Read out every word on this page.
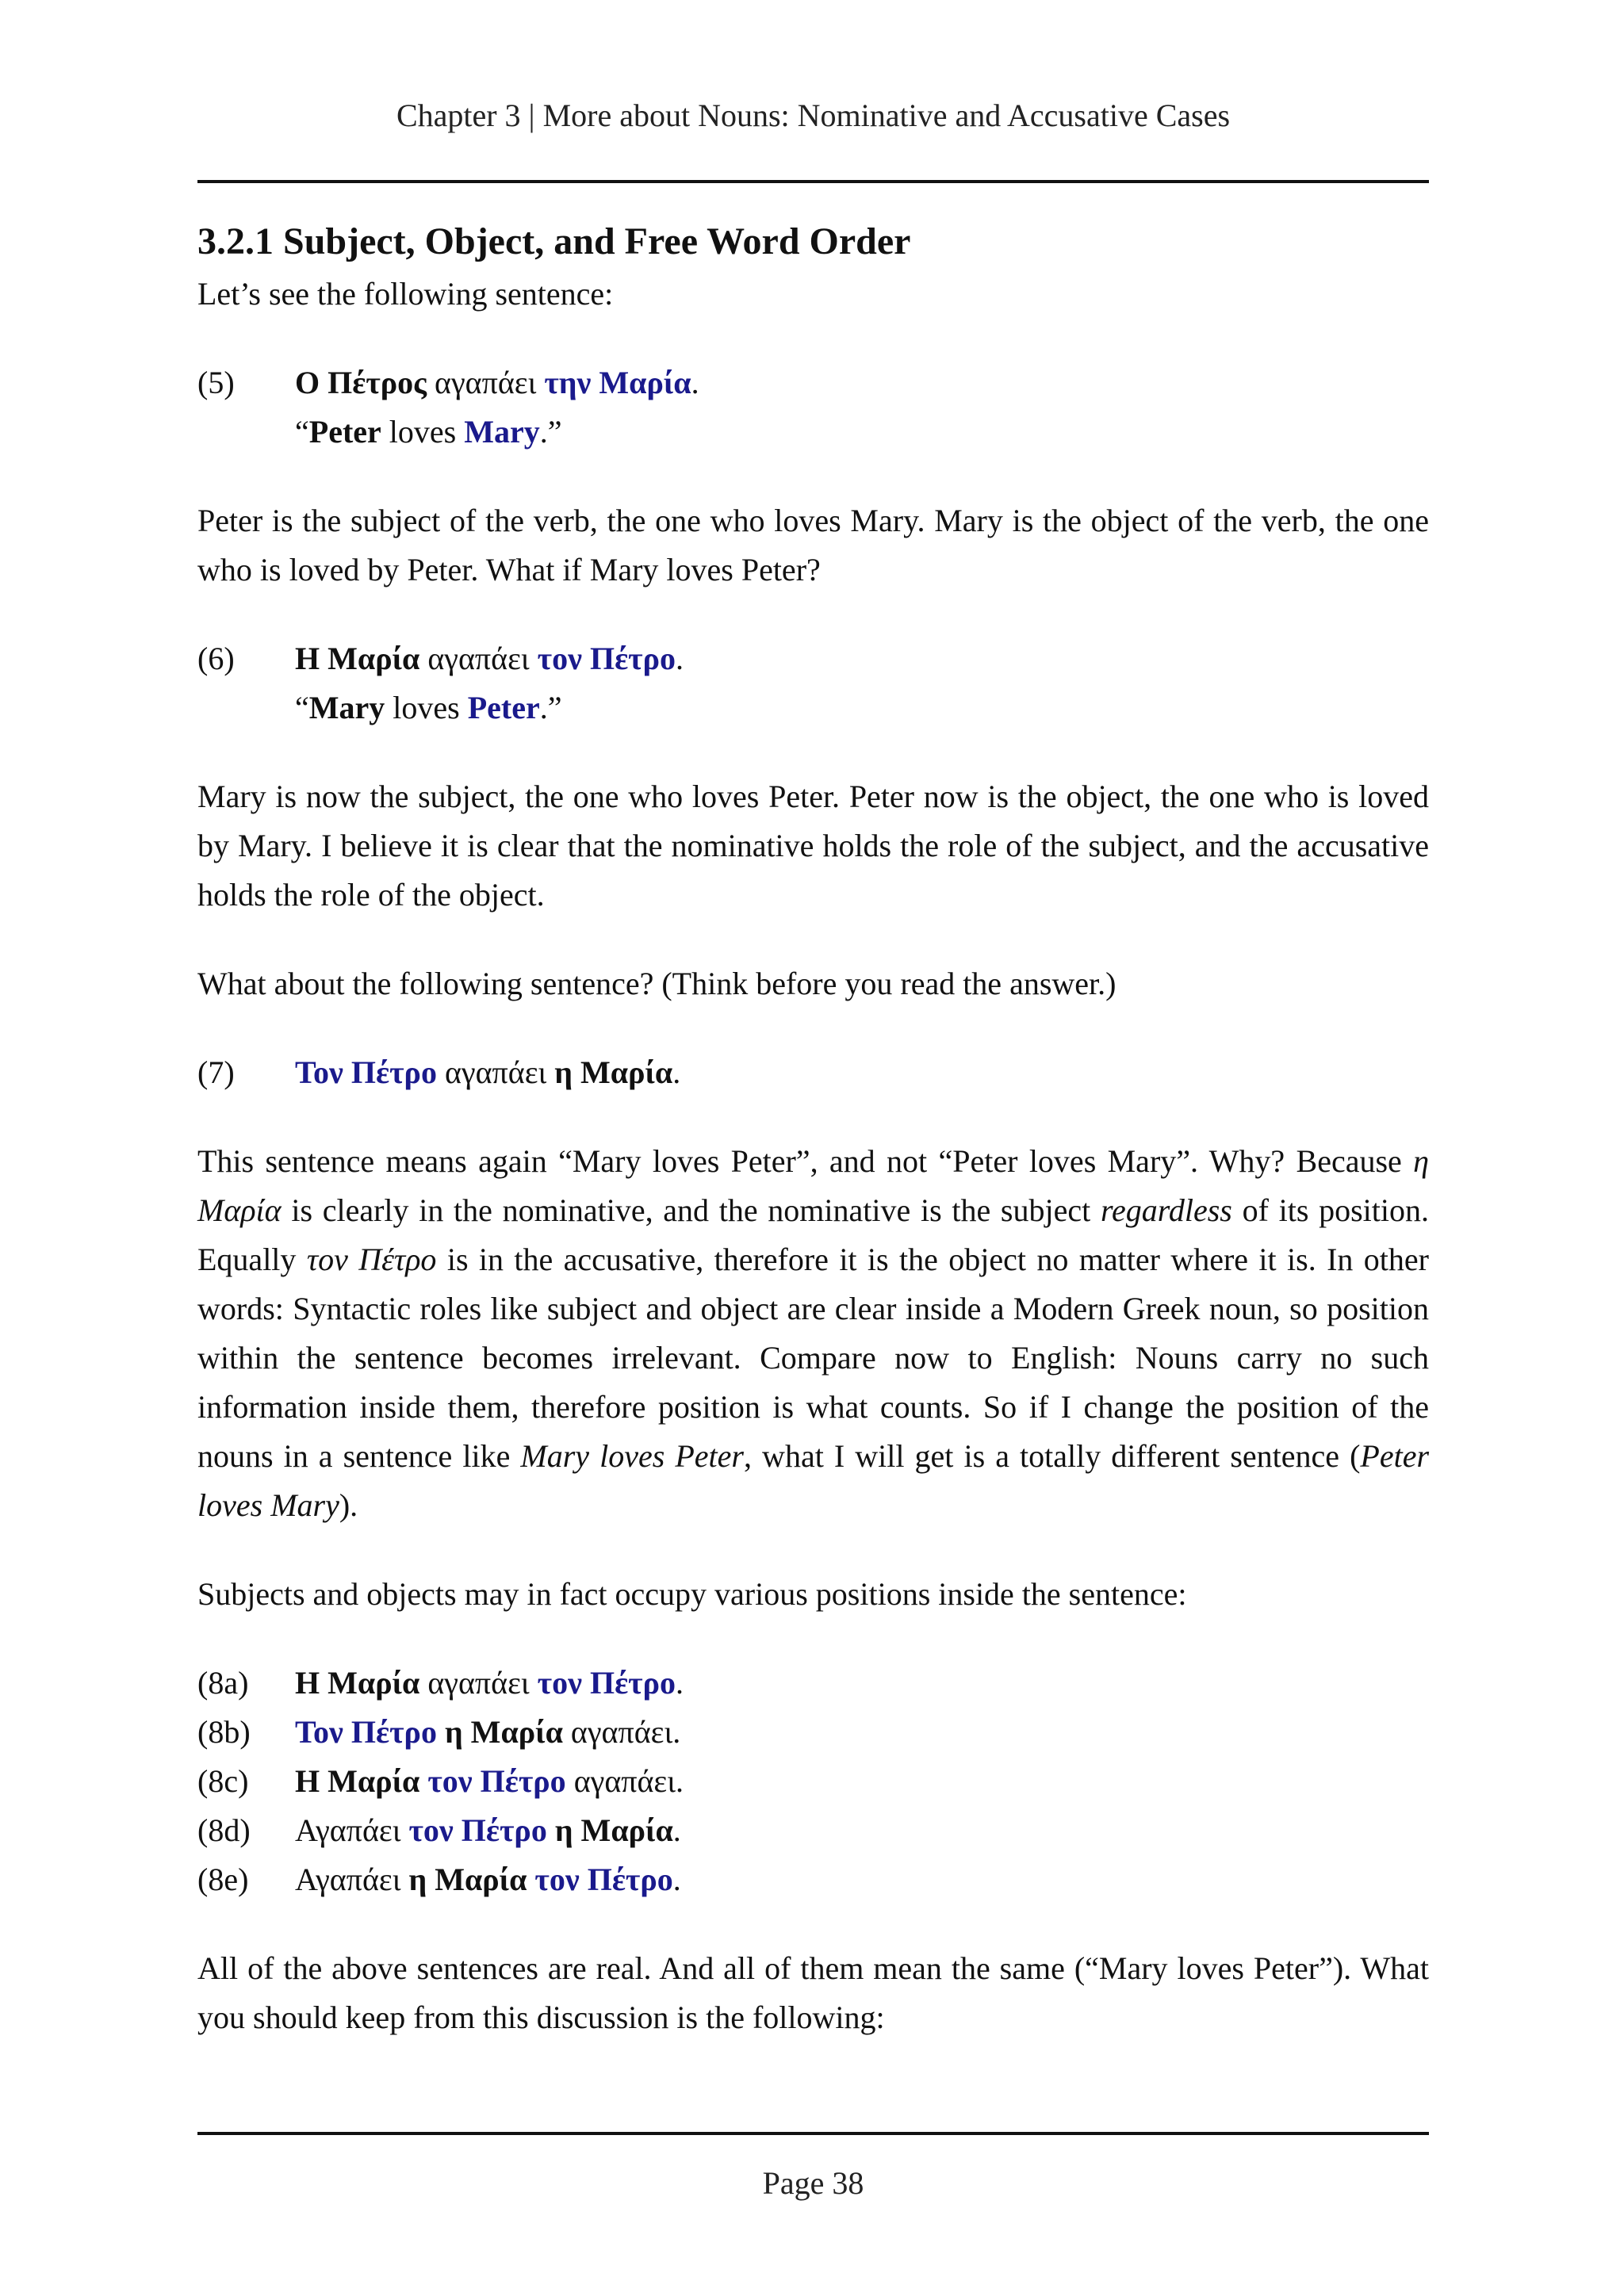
Chapter 3 | More about Nouns: Nominative and Accusative Cases
3.2.1 Subject, Object, and Free Word Order

Let’s see the following sentence:

(5)	Ο Πέτρος αγαπάει την Μαρία.
“Peter loves Mary.”

Peter is the subject of the verb, the one who loves Mary. Mary is the object of the verb, the one who is loved by Peter. What if Mary loves Peter?

(6)	Η Μαρία αγαπάει τον Πέτρο.
“Mary loves Peter.”

Mary is now the subject, the one who loves Peter. Peter now is the object, the one who is loved by Mary. I believe it is clear that the nominative holds the role of the subject, and the accusative holds the role of the object.

What about the following sentence? (Think before you read the answer.)

(7)	Τον Πέτρο αγαπάει η Μαρία.

This sentence means again “Mary loves Peter”, and not “Peter loves Mary”. Why? Because η Μαρία is clearly in the nominative, and the nominative is the subject regardless of its position. Equally τον Πέτρο is in the accusative, therefore it is the object no matter where it is. In other words: Syntactic roles like subject and object are clear inside a Modern Greek noun, so position within the sentence becomes irrelevant. Compare now to English: Nouns carry no such information inside them, therefore position is what counts. So if I change the position of the nouns in a sentence like Mary loves Peter, what I will get is a totally different sentence (Peter loves Mary).

Subjects and objects may in fact occupy various positions inside the sentence:

(8a)	Η Μαρία αγαπάει τον Πέτρο.
(8b)	Τον Πέτρο η Μαρία αγαπάει.
(8c)	Η Μαρία τον Πέτρο αγαπάει.
(8d)	Αγαπάει τον Πέτρο η Μαρία.
(8e)	Αγαπάει η Μαρία τον Πέτρο.

All of the above sentences are real. And all of them mean the same (“Mary loves Peter”). What you should keep from this discussion is the following:

Page 38
